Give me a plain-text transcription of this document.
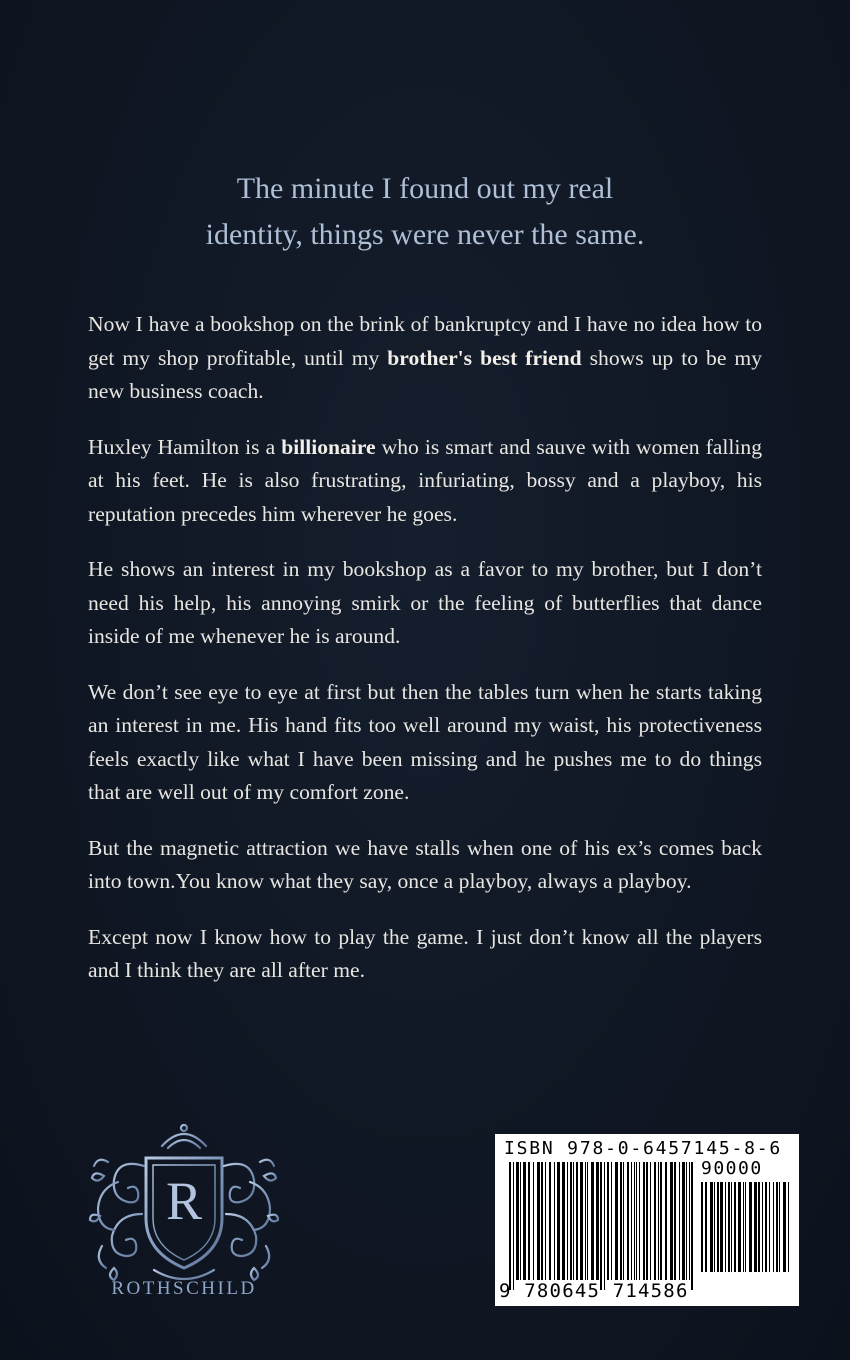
The minute I found out my real
identity, things were never the same.

Now I have a bookshop on the brink of bankruptcy and I have no idea how to get my shop profitable, until my brother's best friend shows up to be my new business coach.

Huxley Hamilton is a billionaire who is smart and sauve with women falling at his feet. He is also frustrating, infuriating, bossy and a playboy, his reputation precedes him wherever he goes.

He shows an interest in my bookshop as a favor to my brother, but I don’t need his help, his annoying smirk or the feeling of butterflies that dance inside of me whenever he is around.

We don’t see eye to eye at first but then the tables turn when he starts taking an interest in me. His hand fits too well around my waist, his protectiveness feels exactly like what I have been missing and he pushes me to do things that are well out of my comfort zone.

But the magnetic attraction we have stalls when one of his ex’s comes back into town.You know what they say, once a playboy, always a playboy.

Except now I know how to play the game. I just don’t know all the players and I think they are all after me.

R
ROTHSCHILD
ISBN 978-0-6457145-8-6
90000
9 780645 714586
